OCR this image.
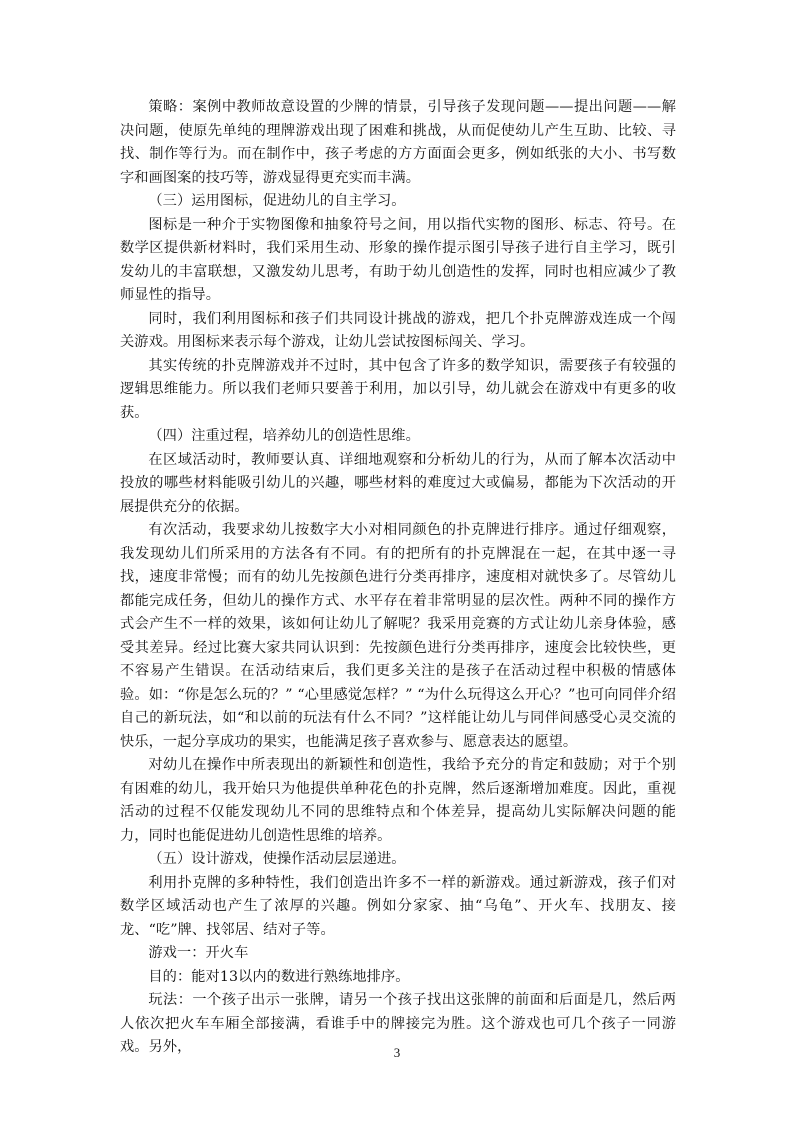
策略：案例中教师故意设置的少牌的情景，引导孩子发现问题——提出问题——解决问题，使原先单纯的理牌游戏出现了困难和挑战，从而促使幼儿产生互助、比较、寻找、制作等行为。而在制作中，孩子考虑的方方面面会更多，例如纸张的大小、书写数字和画图案的技巧等，游戏显得更充实而丰满。

（三）运用图标，促进幼儿的自主学习。

图标是一种介于实物图像和抽象符号之间，用以指代实物的图形、标志、符号。在数学区提供新材料时，我们采用生动、形象的操作提示图引导孩子进行自主学习，既引发幼儿的丰富联想，又激发幼儿思考，有助于幼儿创造性的发挥，同时也相应减少了教师显性的指导。

同时，我们利用图标和孩子们共同设计挑战的游戏，把几个扑克牌游戏连成一个闯关游戏。用图标来表示每个游戏，让幼儿尝试按图标闯关、学习。

其实传统的扑克牌游戏并不过时，其中包含了许多的数学知识，需要孩子有较强的逻辑思维能力。所以我们老师只要善于利用，加以引导，幼儿就会在游戏中有更多的收获。

（四）注重过程，培养幼儿的创造性思维。

在区域活动时，教师要认真、详细地观察和分析幼儿的行为，从而了解本次活动中投放的哪些材料能吸引幼儿的兴趣，哪些材料的难度过大或偏易，都能为下次活动的开展提供充分的依据。

有次活动，我要求幼儿按数字大小对相同颜色的扑克牌进行排序。通过仔细观察，我发现幼儿们所采用的方法各有不同。有的把所有的扑克牌混在一起，在其中逐一寻找，速度非常慢；而有的幼儿先按颜色进行分类再排序，速度相对就快多了。尽管幼儿都能完成任务，但幼儿的操作方式、水平存在着非常明显的层次性。两种不同的操作方式会产生不一样的效果，该如何让幼儿了解呢？我采用竞赛的方式让幼儿亲身体验，感受其差异。经过比赛大家共同认识到：先按颜色进行分类再排序，速度会比较快些，更不容易产生错误。在活动结束后，我们更多关注的是孩子在活动过程中积极的情感体验。如：“你是怎么玩的？” “心里感觉怎样？” “为什么玩得这么开心？”也可向同伴介绍自己的新玩法，如“和以前的玩法有什么不同？”这样能让幼儿与同伴间感受心灵交流的快乐，一起分享成功的果实，也能满足孩子喜欢参与、愿意表达的愿望。

对幼儿在操作中所表现出的新颖性和创造性，我给予充分的肯定和鼓励；对于个别有困难的幼儿，我开始只为他提供单种花色的扑克牌，然后逐渐增加难度。因此，重视活动的过程不仅能发现幼儿不同的思维特点和个体差异，提高幼儿实际解决问题的能力，同时也能促进幼儿创造性思维的培养。

（五）设计游戏，使操作活动层层递进。

利用扑克牌的多种特性，我们创造出许多不一样的新游戏。通过新游戏，孩子们对数学区域活动也产生了浓厚的兴趣。例如分家家、抽“乌龟”、开火车、找朋友、接龙、“吃”牌、找邻居、结对子等。

游戏一：开火车

目的：能对13以内的数进行熟练地排序。

玩法：一个孩子出示一张牌，请另一个孩子找出这张牌的前面和后面是几，然后两人依次把火车车厢全部接满，看谁手中的牌接完为胜。这个游戏也可几个孩子一同游戏。另外，	3
